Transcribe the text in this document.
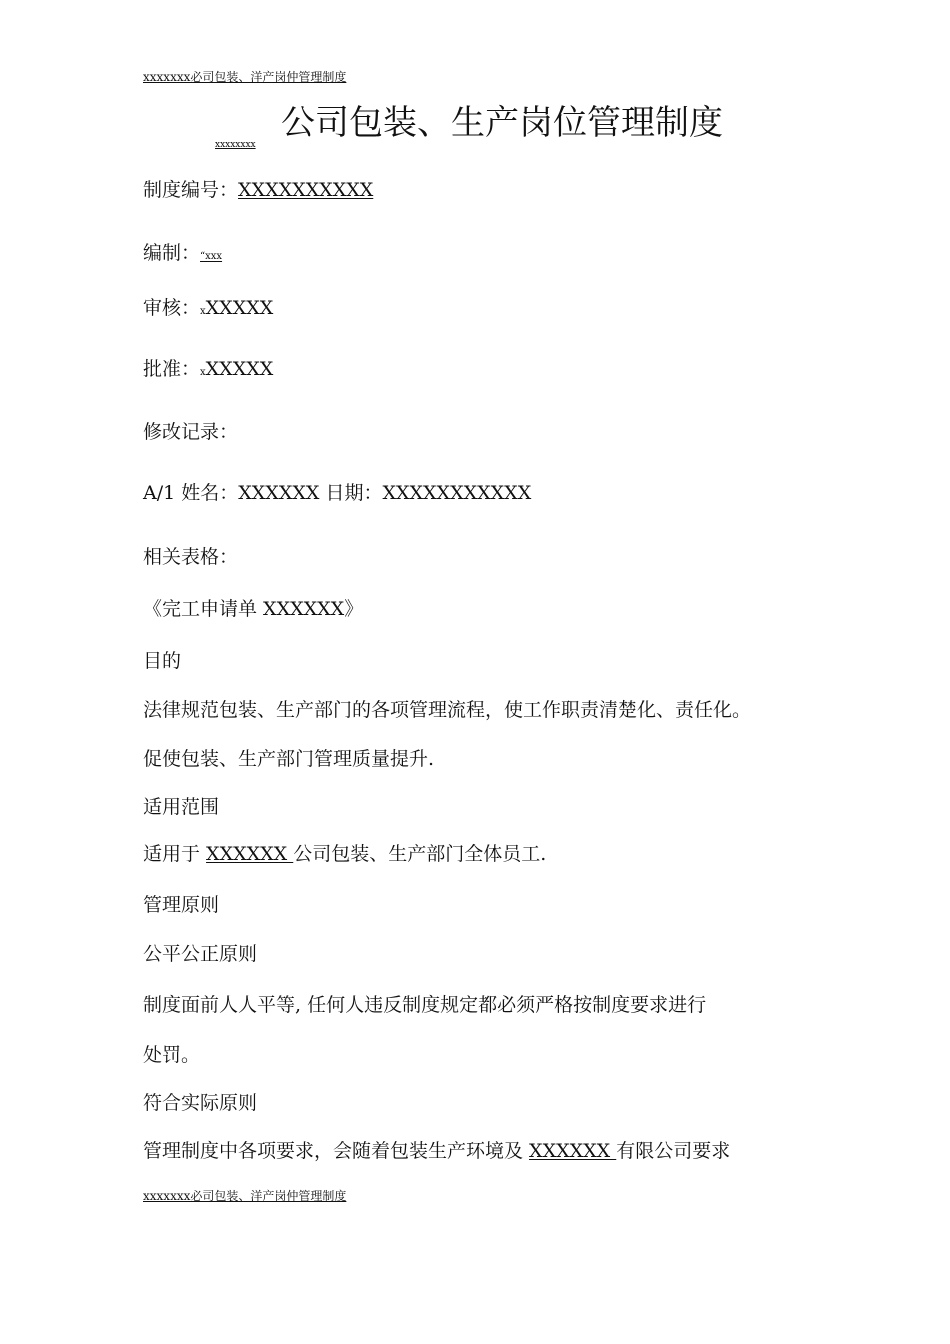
xxxxxxx必司包装、洋产岗仲管理制度
xxxxxxxx
公司包装、生产岗位管理制度
制度编号：XXXXXXXXXX
编制：“xxx
审核：xXXXXX
批准：xXXXXX
修改记录：
A/1 姓名：XXXXXX 日期：XXXXXXXXXXX
相关表格：
《完工申请单 XXXXXX》
目的
法律规范包装、生产部门的各项管理流程，使工作职责清楚化、责任化。
促使包装、生产部门管理质量提升.
适用范围
适用于 XXXXXX 公司包装、生产部门全体员工.
管理原则
公平公正原则
制度面前人人平等, 任何人违反制度规定都必须严格按制度要求进行
处罚。
符合实际原则
管理制度中各项要求，会随着包装生产环境及 XXXXXX 有限公司要求
xxxxxxx必司包装、洋产岗仲管理制度
